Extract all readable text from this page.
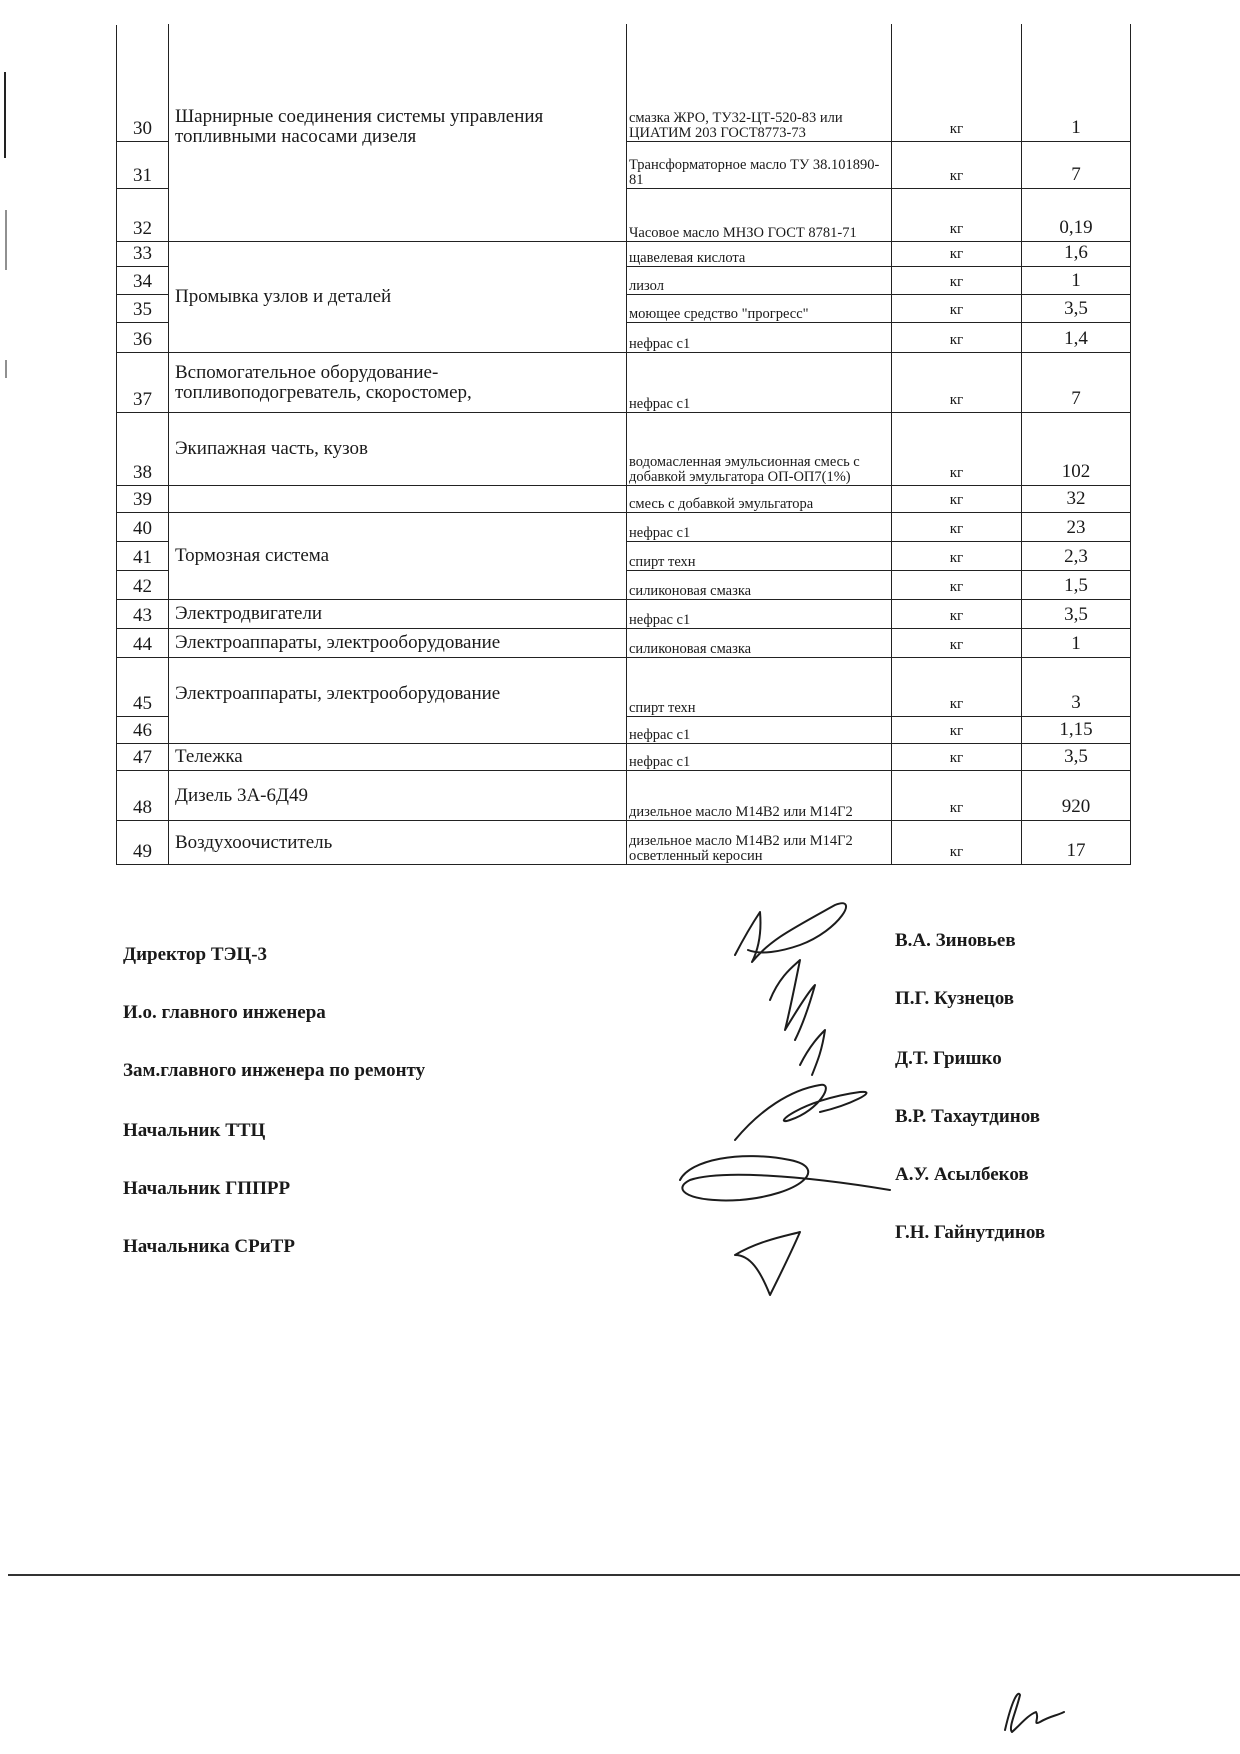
30	Шарнирные соединения системы управления топливными насосами дизеля	смазка ЖРО, ТУ32-ЦТ-520-83 или ЦИАТИМ 203 ГОСТ8773-73	кг	1
31		Трансформаторное масло ТУ 38.101890-81	кг	7
32		Часовое масло МНЗО ГОСТ 8781-71	кг	0,19
33	Промывка узлов и деталей	щавелевая кислота	кг	1,6
34		лизол	кг	1
35		моющее средство "прогресс"	кг	3,5
36		нефрас с1	кг	1,4
37	Вспомогательное оборудование-топливоподогреватель, скоростомер,	нефрас с1	кг	7
38	Экипажная часть, кузов	водомасленная эмульсионная смесь с добавкой эмульгатора ОП-ОП7(1%)	кг	102
39		смесь с добавкой эмульгатора	кг	32
40	Тормозная система	нефрас с1	кг	23
41		спирт техн	кг	2,3
42		силиконовая смазка	кг	1,5
43	Электродвигатели	нефрас с1	кг	3,5
44	Электроаппараты, электрооборудование	силиконовая смазка	кг	1
45	Электроаппараты, электрооборудование	спирт техн	кг	3
46		нефрас с1	кг	1,15
47	Тележка	нефрас с1	кг	3,5
48	Дизель 3А-6Д49	дизельное масло М14В2 или М14Г2	кг	920
49	Воздухоочиститель	дизельное масло М14В2 или М14Г2 осветленный керосин	кг	17
Директор ТЭЦ-3
И.о. главного инженера
Зам.главного инженера по ремонту
Начальник ТТЦ
Начальник ГППРР
Начальника СРиТР
В.А. Зиновьев
П.Г. Кузнецов
Д.Т. Гришко
В.Р. Тахаутдинов
А.У. Асылбеков
Г.Н. Гайнутдинов
